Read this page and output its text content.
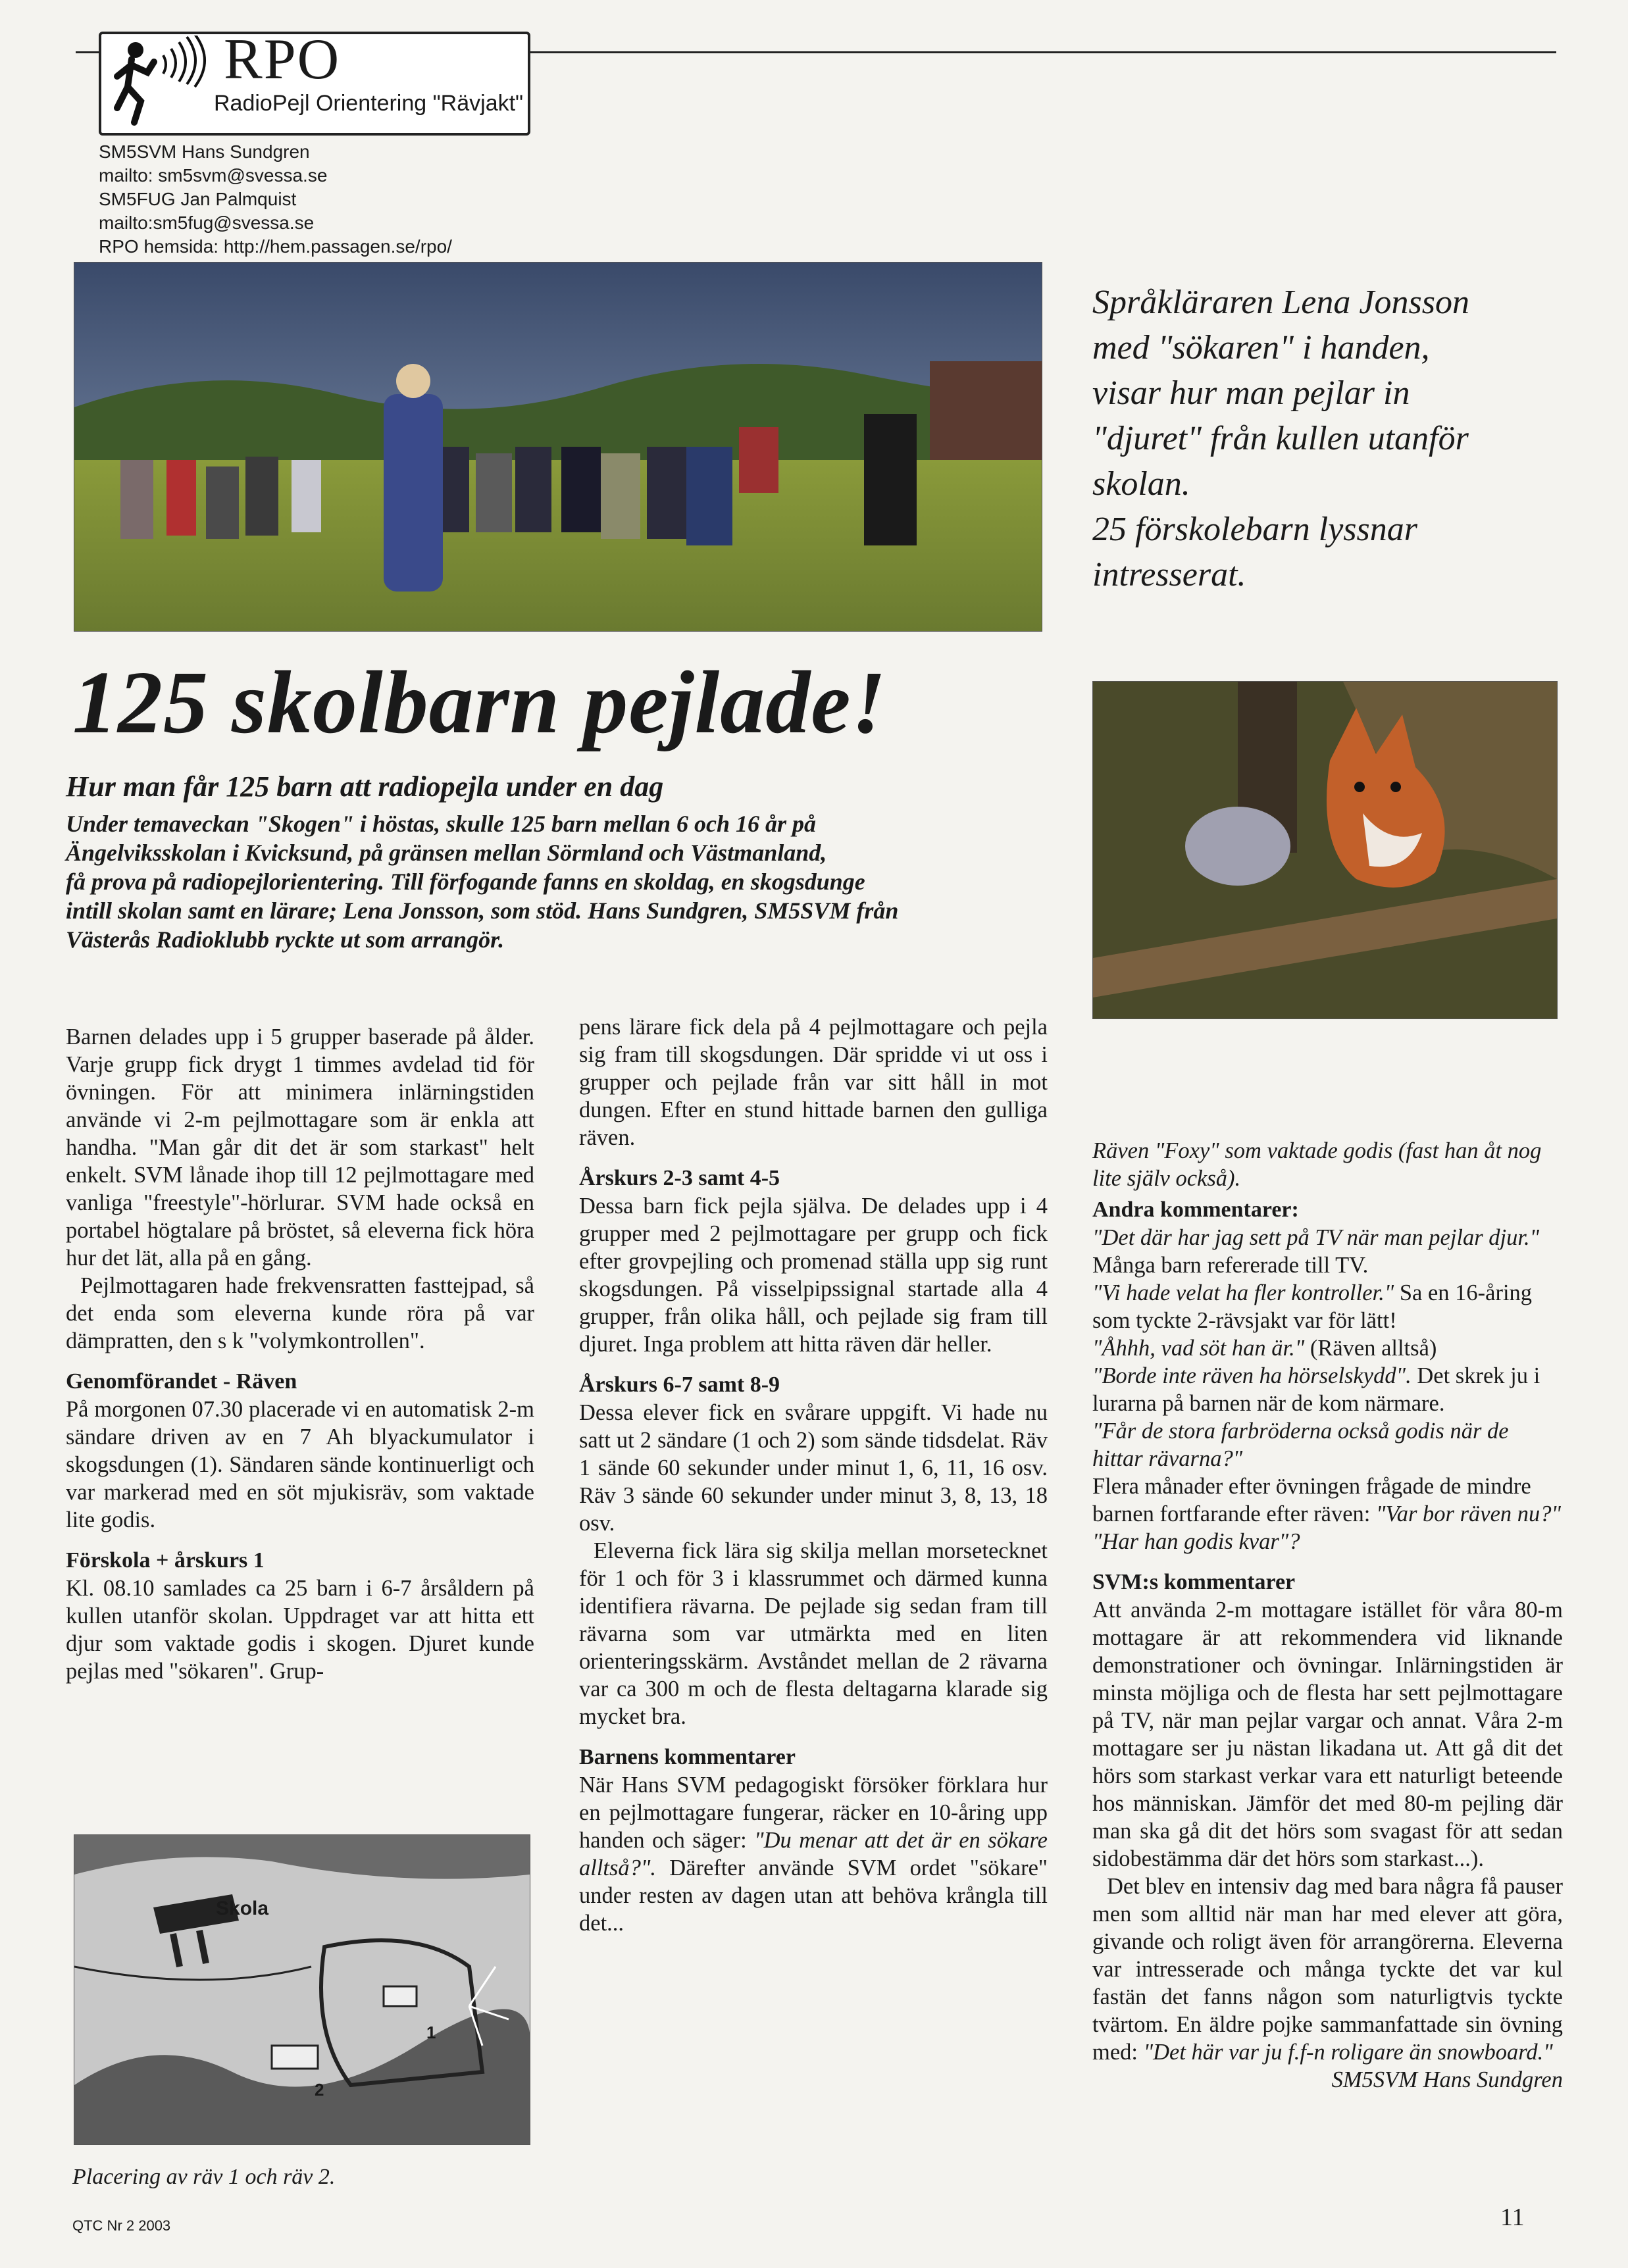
RPO
RadioPejl Orientering "Rävjakt"
SM5SVM Hans Sundgren
mailto: sm5svm@svessa.se
SM5FUG Jan Palmquist
mailto:sm5fug@svessa.se
RPO hemsida: http://hem.passagen.se/rpo/
Språkläraren Lena Jonsson
med "sökaren" i handen,
visar hur man pejlar in
"djuret" från kullen utanför
skolan.
25 förskolebarn lyssnar
intresserat.
125 skolbarn pejlade!
Hur man får 125 barn att radiopejla under en dag
Under temaveckan "Skogen" i höstas, skulle 125 barn mellan 6 och 16 år på
Ängelviksskolan i Kvicksund, på gränsen mellan Sörmland och Västmanland,
få prova på radiopejlorientering. Till förfogande fanns en skoldag, en skogsdunge
intill skolan samt en lärare; Lena Jonsson, som stöd. Hans Sundgren, SM5SVM från
Västerås Radioklubb ryckte ut som arrangör.

Barnen delades upp i 5 grupper baserade på ålder. Varje grupp fick drygt 1 timmes avdelad tid för övningen. För att minimera inlärningstiden använde vi 2-m pejlmottagare som är enkla att handha. "Man går dit det är som starkast" helt enkelt. SVM lånade ihop till 12 pejlmottagare med vanliga "freestyle"-hörlurar. SVM hade också en portabel högtalare på bröstet, så eleverna fick höra hur det lät, alla på en gång.

Pejlmottagaren hade frekvensratten fasttejpad, så det enda som eleverna kunde röra på var dämpratten, den s k "volymkontrollen".

Genomförandet - Räven

På morgonen 07.30 placerade vi en automatisk 2-m sändare driven av en 7 Ah blyackumulator i skogsdungen (1). Sändaren sände kontinuerligt och var markerad med en söt mjukisräv, som vaktade lite godis.

Förskola + årskurs 1

Kl. 08.10 samlades ca 25 barn i 6-7 årsåldern på kullen utanför skolan. Uppdraget var att hitta ett djur som vaktade godis i skogen. Djuret kunde pejlas med "sökaren". Grup-

Skola
1
2
Placering av räv 1 och räv 2.

pens lärare fick dela på 4 pejlmottagare och pejla sig fram till skogsdungen. Där spridde vi ut oss i grupper och pejlade från var sitt håll in mot dungen. Efter en stund hittade barnen den gulliga räven.

Årskurs 2-3 samt 4-5

Dessa barn fick pejla själva. De delades upp i 4 grupper med 2 pejlmottagare per grupp och fick efter grovpejling och promenad ställa upp sig runt skogsdungen. På visselpipssignal startade alla 4 grupper, från olika håll, och pejlade sig fram till djuret. Inga problem att hitta räven där heller.

Årskurs 6-7 samt 8-9

Dessa elever fick en svårare uppgift. Vi hade nu satt ut 2 sändare (1 och 2) som sände tidsdelat. Räv 1 sände 60 sekunder under minut 1, 6, 11, 16 osv. Räv 3 sände 60 sekunder under minut 3, 8, 13, 18 osv.

Eleverna fick lära sig skilja mellan morsetecknet för 1 och för 3 i klassrummet och därmed kunna identifiera rävarna. De pejlade sig sedan fram till rävarna som var utmärkta med en liten orienteringsskärm. Avståndet mellan de 2 rävarna var ca 300 m och de flesta deltagarna klarade sig mycket bra.

Barnens kommentarer

När Hans SVM pedagogiskt försöker förklara hur en pejlmottagare fungerar, räcker en 10-åring upp handen och säger: "Du menar att det är en sökare alltså?". Därefter använde SVM ordet "sökare" under resten av dagen utan att behöva krångla till det...

Räven "Foxy" som vaktade godis (fast han åt nog lite själv också).

Andra kommentarer:

"Det där har jag sett på TV när man pejlar djur." Många barn refererade till TV.
"Vi hade velat ha fler kontroller." Sa en 16-åring som tyckte 2-rävsjakt var för lätt!
"Åhhh, vad söt han är." (Räven alltså)
"Borde inte räven ha hörselskydd". Det skrek ju i lurarna på barnen när de kom närmare.
"Får de stora farbröderna också godis när de hittar rävarna?"
Flera månader efter övningen frågade de mindre barnen fortfarande efter räven: "Var bor räven nu?" "Har han godis kvar"?

SVM:s kommentarer

Att använda 2-m mottagare istället för våra 80-m mottagare är att rekommendera vid liknande demonstrationer och övningar. Inlärningstiden är minsta möjliga och de flesta har sett pejlmottagare på TV, när man pejlar vargar och annat. Våra 2-m mottagare ser ju nästan likadana ut. Att gå dit det hörs som starkast verkar vara ett naturligt beteende hos människan. Jämför det med 80-m pejling där man ska gå dit det hörs som svagast för att sedan sidobestämma där det hörs som starkast...).

Det blev en intensiv dag med bara några få pauser men som alltid när man har med elever att göra, givande och roligt även för arrangörerna. Eleverna var intresserade och många tyckte det var kul fastän det fanns någon som naturligtvis tyckte tvärtom. En äldre pojke sammanfattade sin övning med: "Det här var ju f.f-n roligare än snowboard."

SM5SVM Hans Sundgren

QTC Nr 2 2003	11
